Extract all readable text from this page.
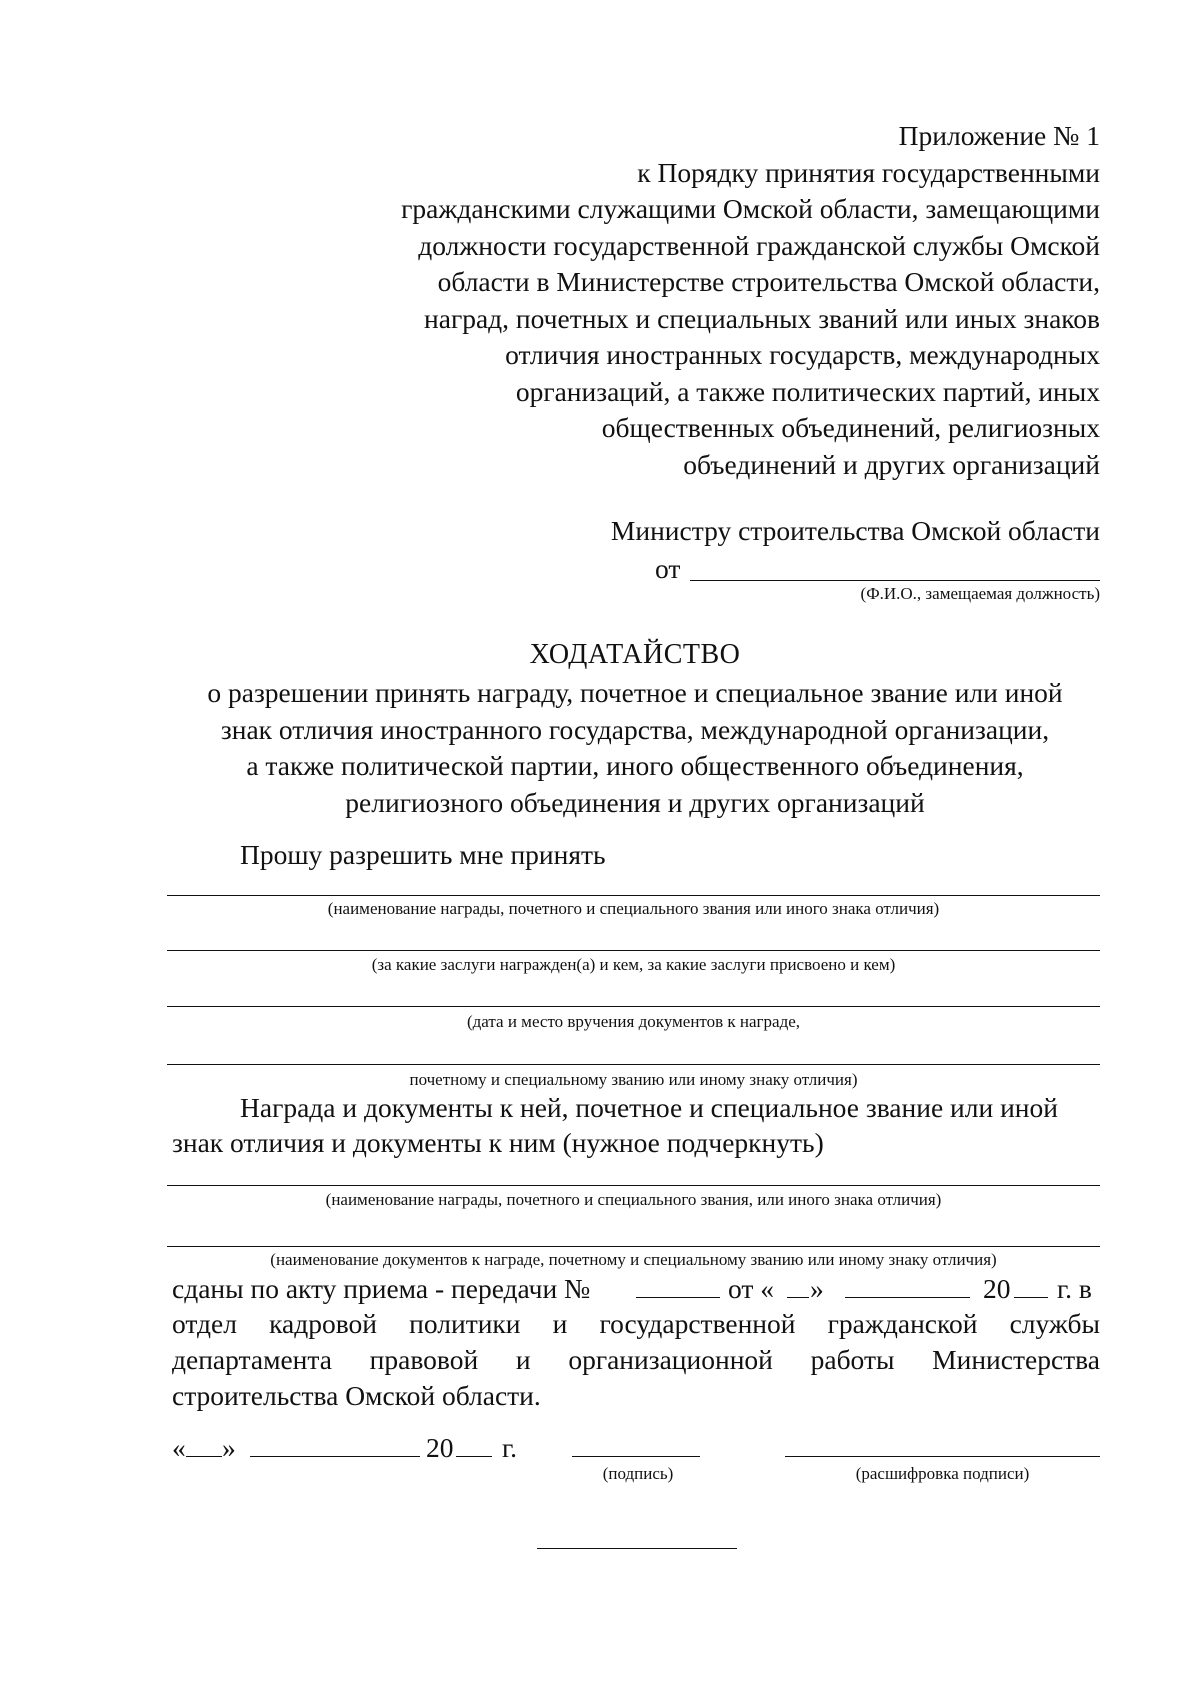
Приложение № 1
к Порядку принятия государственными
гражданскими служащими Омской области, замещающими
должности государственной гражданской службы Омской
области в Министерстве строительства Омской области,
наград, почетных и специальных званий или иных знаков
отличия иностранных государств, международных
организаций, а также политических партий, иных
общественных объединений, религиозных
объединений и других организаций
Министру строительства Омской области
от
(Ф.И.О., замещаемая должность)
ХОДАТАЙСТВО
о разрешении принять награду, почетное и специальное звание или иной
знак отличия иностранного государства, международной организации,
а также политической партии, иного общественного объединения,
религиозного объединения и других организаций
Прошу разрешить мне принять
(наименование награды, почетного и специального звания или иного знака отличия)
(за какие заслуги награжден(а) и кем, за какие заслуги присвоено и кем)
(дата и место вручения документов к награде,
почетному и специальному званию или иному знаку отличия)
Награда и документы к ней, почетное и специальное звание или иной
знак отличия и документы к ним (нужное подчеркнуть)
(наименование награды, почетного и специального звания, или иного знака отличия)
(наименование документов к награде, почетному и специальному званию или иному знаку отличия)
сданы по акту приема - передачи №	от « »	20 г. в
отдел кадровой политики и государственной гражданской службы
департамента правовой и организационной работы Министерства
строительства Омской области.
« »	20 г.
(подпись)	(расшифровка подписи)
